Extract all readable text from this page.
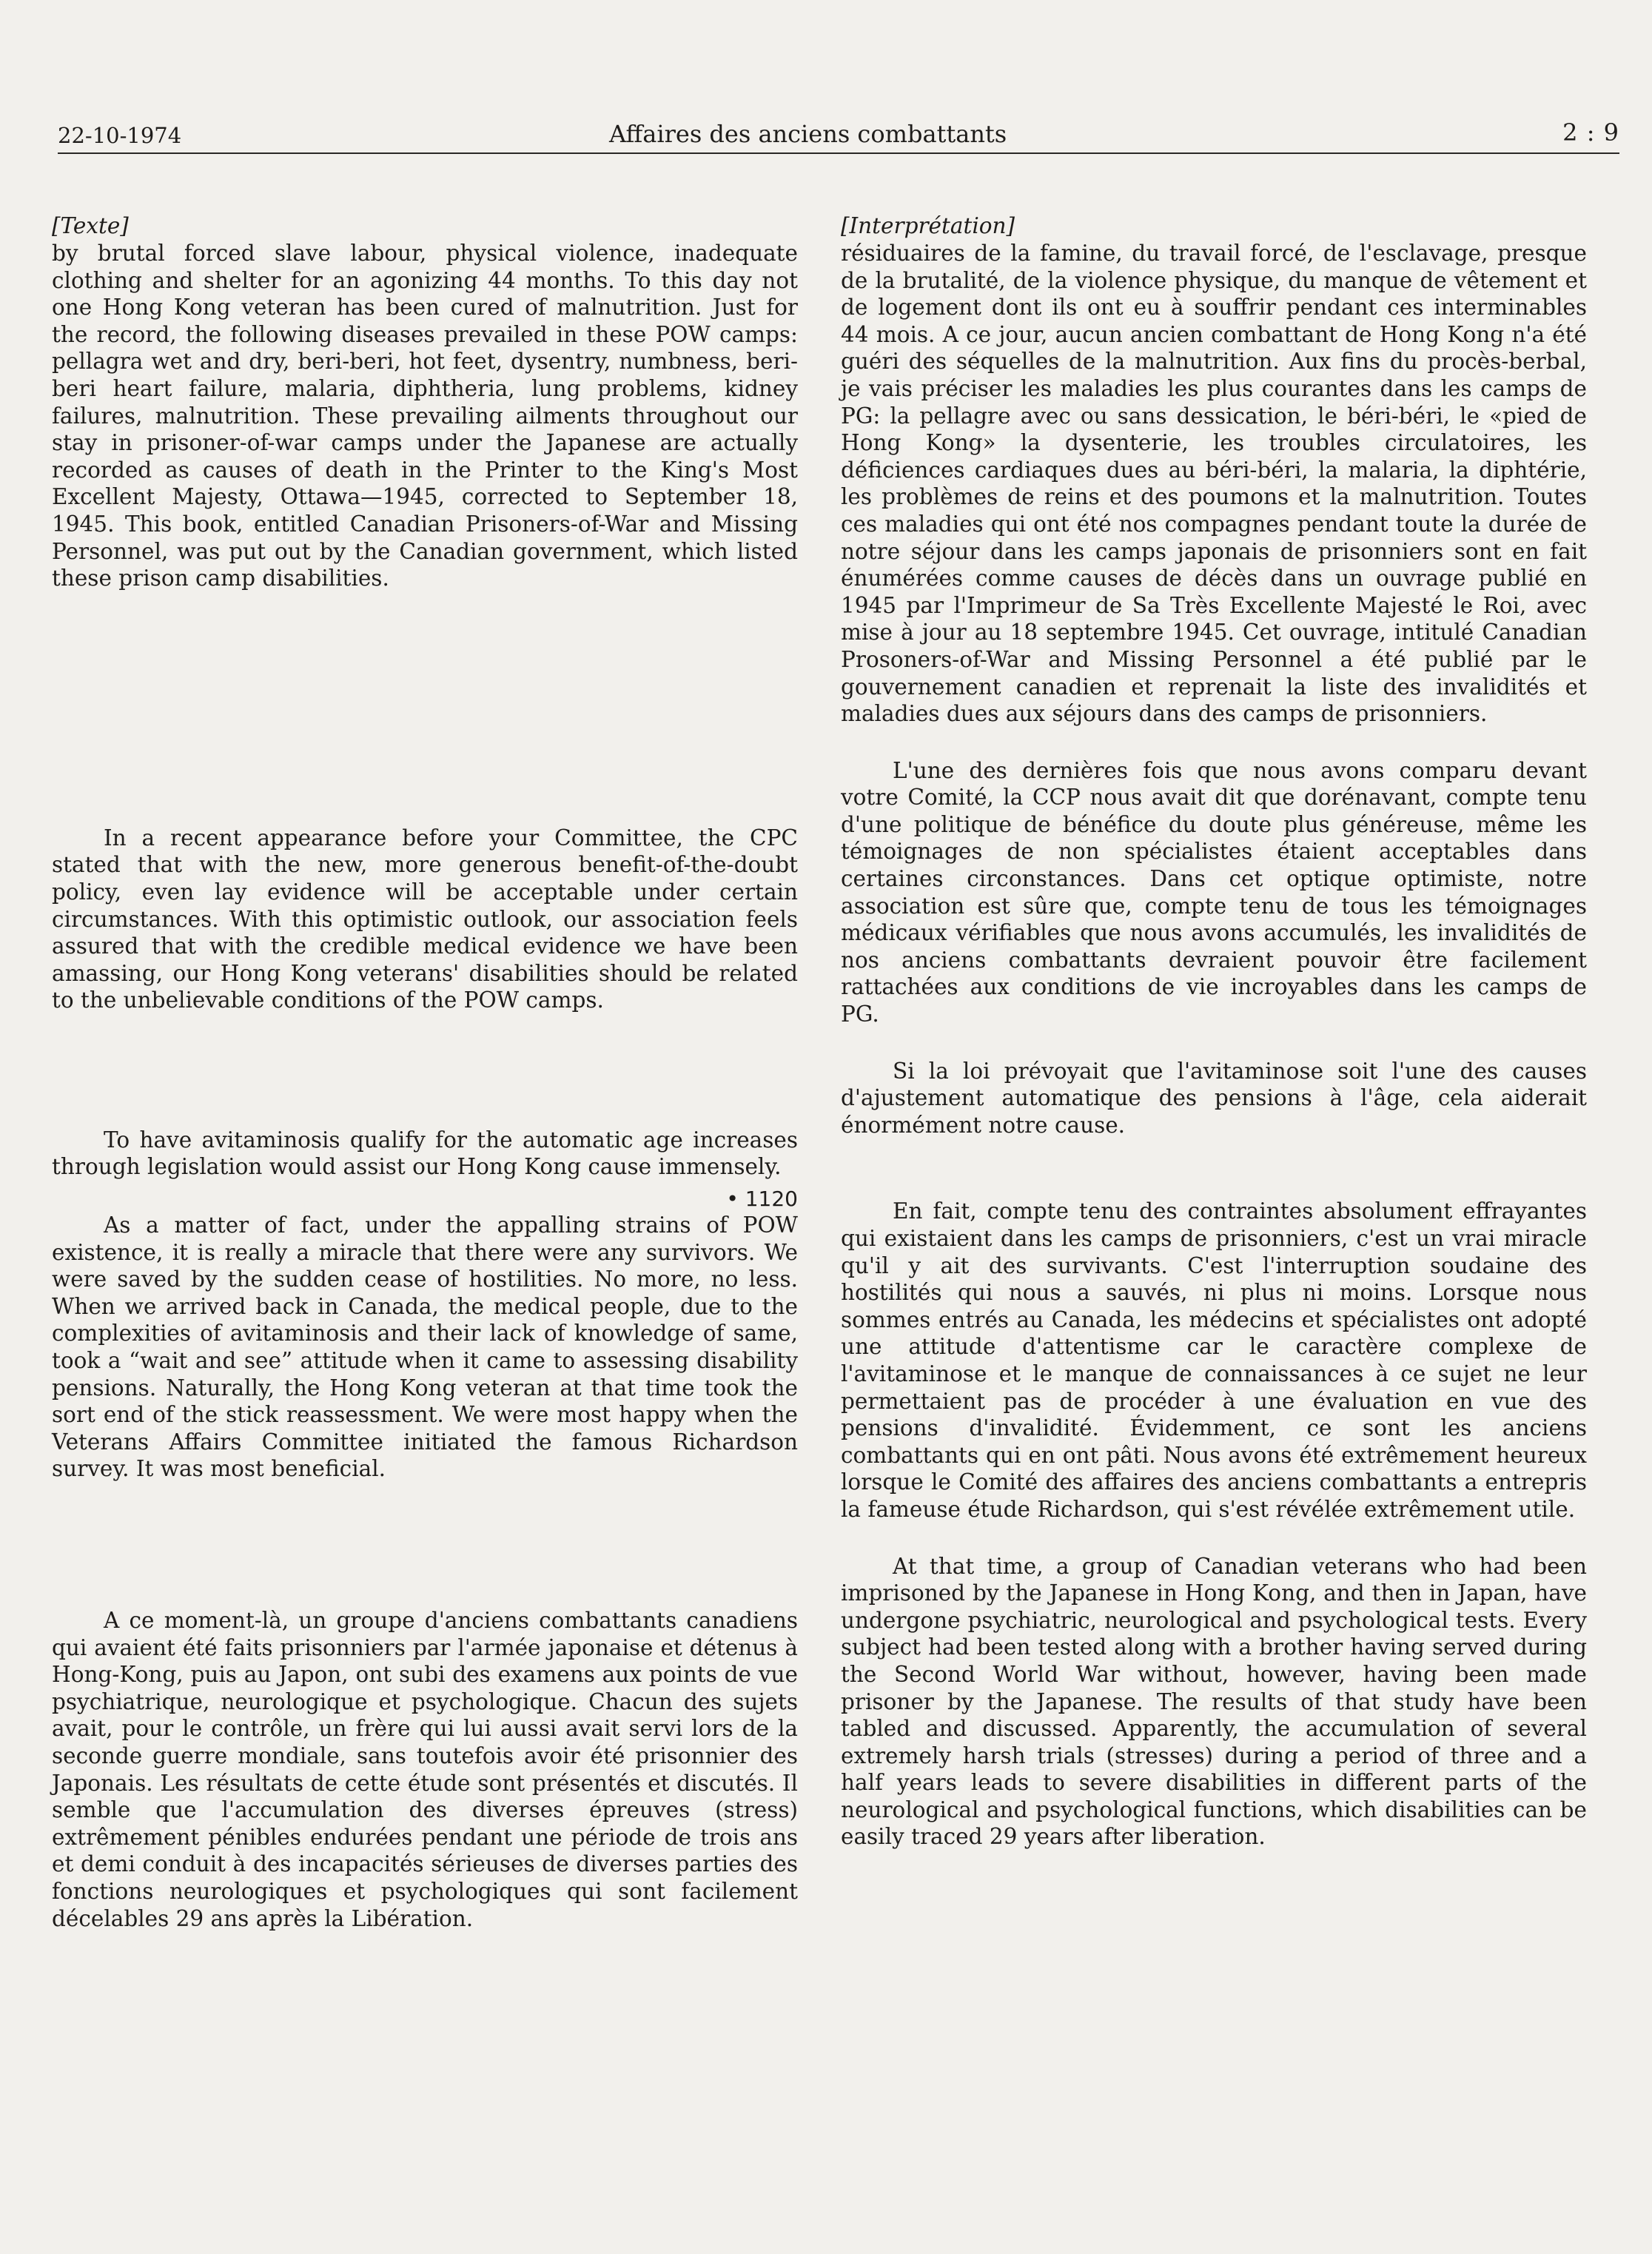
22-10-1974	Affaires des anciens combattants	2 : 9
[Texte]

by brutal forced slave labour, physical violence, inadequate clothing and shelter for an agonizing 44 months. To this day not one Hong Kong veteran has been cured of malnutrition. Just for the record, the following diseases prevailed in these POW camps: pellagra wet and dry, beri-beri, hot feet, dysentry, numbness, beri-beri heart failure, malaria, diphtheria, lung problems, kidney failures, malnutrition. These prevailing ailments throughout our stay in prisoner-of-war camps under the Japanese are actually recorded as causes of death in the Printer to the King's Most Excellent Majesty, Ottawa—1945, corrected to September 18, 1945. This book, entitled Canadian Prisoners-of-War and Missing Personnel, was put out by the Canadian government, which listed these prison camp disabilities.

In a recent appearance before your Committee, the CPC stated that with the new, more generous benefit-of-the-doubt policy, even lay evidence will be acceptable under certain circumstances. With this optimistic outlook, our association feels assured that with the credible medical evidence we have been amassing, our Hong Kong veterans' disabilities should be related to the unbelievable conditions of the POW camps.

To have avitaminosis qualify for the automatic age increases through legislation would assist our Hong Kong cause immensely.

• 1120

As a matter of fact, under the appalling strains of POW existence, it is really a miracle that there were any survivors. We were saved by the sudden cease of hostilities. No more, no less. When we arrived back in Canada, the medical people, due to the complexities of avitaminosis and their lack of knowledge of same, took a “wait and see” attitude when it came to assessing disability pensions. Naturally, the Hong Kong veteran at that time took the sort end of the stick reassessment. We were most happy when the Veterans Affairs Committee initiated the famous Richardson survey. It was most beneficial.

A ce moment-là, un groupe d'anciens combattants canadiens qui avaient été faits prisonniers par l'armée japonaise et détenus à Hong-Kong, puis au Japon, ont subi des examens aux points de vue psychiatrique, neurologique et psychologique. Chacun des sujets avait, pour le contrôle, un frère qui lui aussi avait servi lors de la seconde guerre mondiale, sans toutefois avoir été prisonnier des Japonais. Les résultats de cette étude sont présentés et discutés. Il semble que l'accumulation des diverses épreuves (stress) extrêmement pénibles endurées pendant une période de trois ans et demi conduit à des incapacités sérieuses de diverses parties des fonctions neurologiques et psychologiques qui sont facilement décelables 29 ans après la Libération.

[Interprétation]

résiduaires de la famine, du travail forcé, de l'esclavage, presque de la brutalité, de la violence physique, du manque de vêtement et de logement dont ils ont eu à souffrir pendant ces interminables 44 mois. A ce jour, aucun ancien combattant de Hong Kong n'a été guéri des séquelles de la malnutrition. Aux fins du procès-berbal, je vais préciser les maladies les plus courantes dans les camps de PG: la pellagre avec ou sans dessication, le béri-béri, le «pied de Hong Kong» la dysenterie, les troubles circulatoires, les déficiences cardiaques dues au béri-béri, la malaria, la diphtérie, les problèmes de reins et des poumons et la malnutrition. Toutes ces maladies qui ont été nos compagnes pendant toute la durée de notre séjour dans les camps japonais de prisonniers sont en fait énumérées comme causes de décès dans un ouvrage publié en 1945 par l'Imprimeur de Sa Très Excellente Majesté le Roi, avec mise à jour au 18 septembre 1945. Cet ouvrage, intitulé Canadian Prosoners-of-War and Missing Personnel a été publié par le gouvernement canadien et reprenait la liste des invalidités et maladies dues aux séjours dans des camps de prisonniers.

L'une des dernières fois que nous avons comparu devant votre Comité, la CCP nous avait dit que dorénavant, compte tenu d'une politique de bénéfice du doute plus généreuse, même les témoignages de non spécialistes étaient acceptables dans certaines circonstances. Dans cet optique optimiste, notre association est sûre que, compte tenu de tous les témoignages médicaux vérifiables que nous avons accumulés, les invalidités de nos anciens combattants devraient pouvoir être facilement rattachées aux conditions de vie incroyables dans les camps de PG.

Si la loi prévoyait que l'avitaminose soit l'une des causes d'ajustement automatique des pensions à l'âge, cela aiderait énormément notre cause.

En fait, compte tenu des contraintes absolument effrayantes qui existaient dans les camps de prisonniers, c'est un vrai miracle qu'il y ait des survivants. C'est l'interruption soudaine des hostilités qui nous a sauvés, ni plus ni moins. Lorsque nous sommes entrés au Canada, les médecins et spécialistes ont adopté une attitude d'attentisme car le caractère complexe de l'avitaminose et le manque de connaissances à ce sujet ne leur permettaient pas de procéder à une évaluation en vue des pensions d'invalidité. Évidemment, ce sont les anciens combattants qui en ont pâti. Nous avons été extrêmement heureux lorsque le Comité des affaires des anciens combattants a entrepris la fameuse étude Richardson, qui s'est révélée extrêmement utile.

At that time, a group of Canadian veterans who had been imprisoned by the Japanese in Hong Kong, and then in Japan, have undergone psychiatric, neurological and psychological tests. Every subject had been tested along with a brother having served during the Second World War without, however, having been made prisoner by the Japanese. The results of that study have been tabled and discussed. Apparently, the accumulation of several extremely harsh trials (stresses) during a period of three and a half years leads to severe disabilities in different parts of the neurological and psychological functions, which disabilities can be easily traced 29 years after liberation.
